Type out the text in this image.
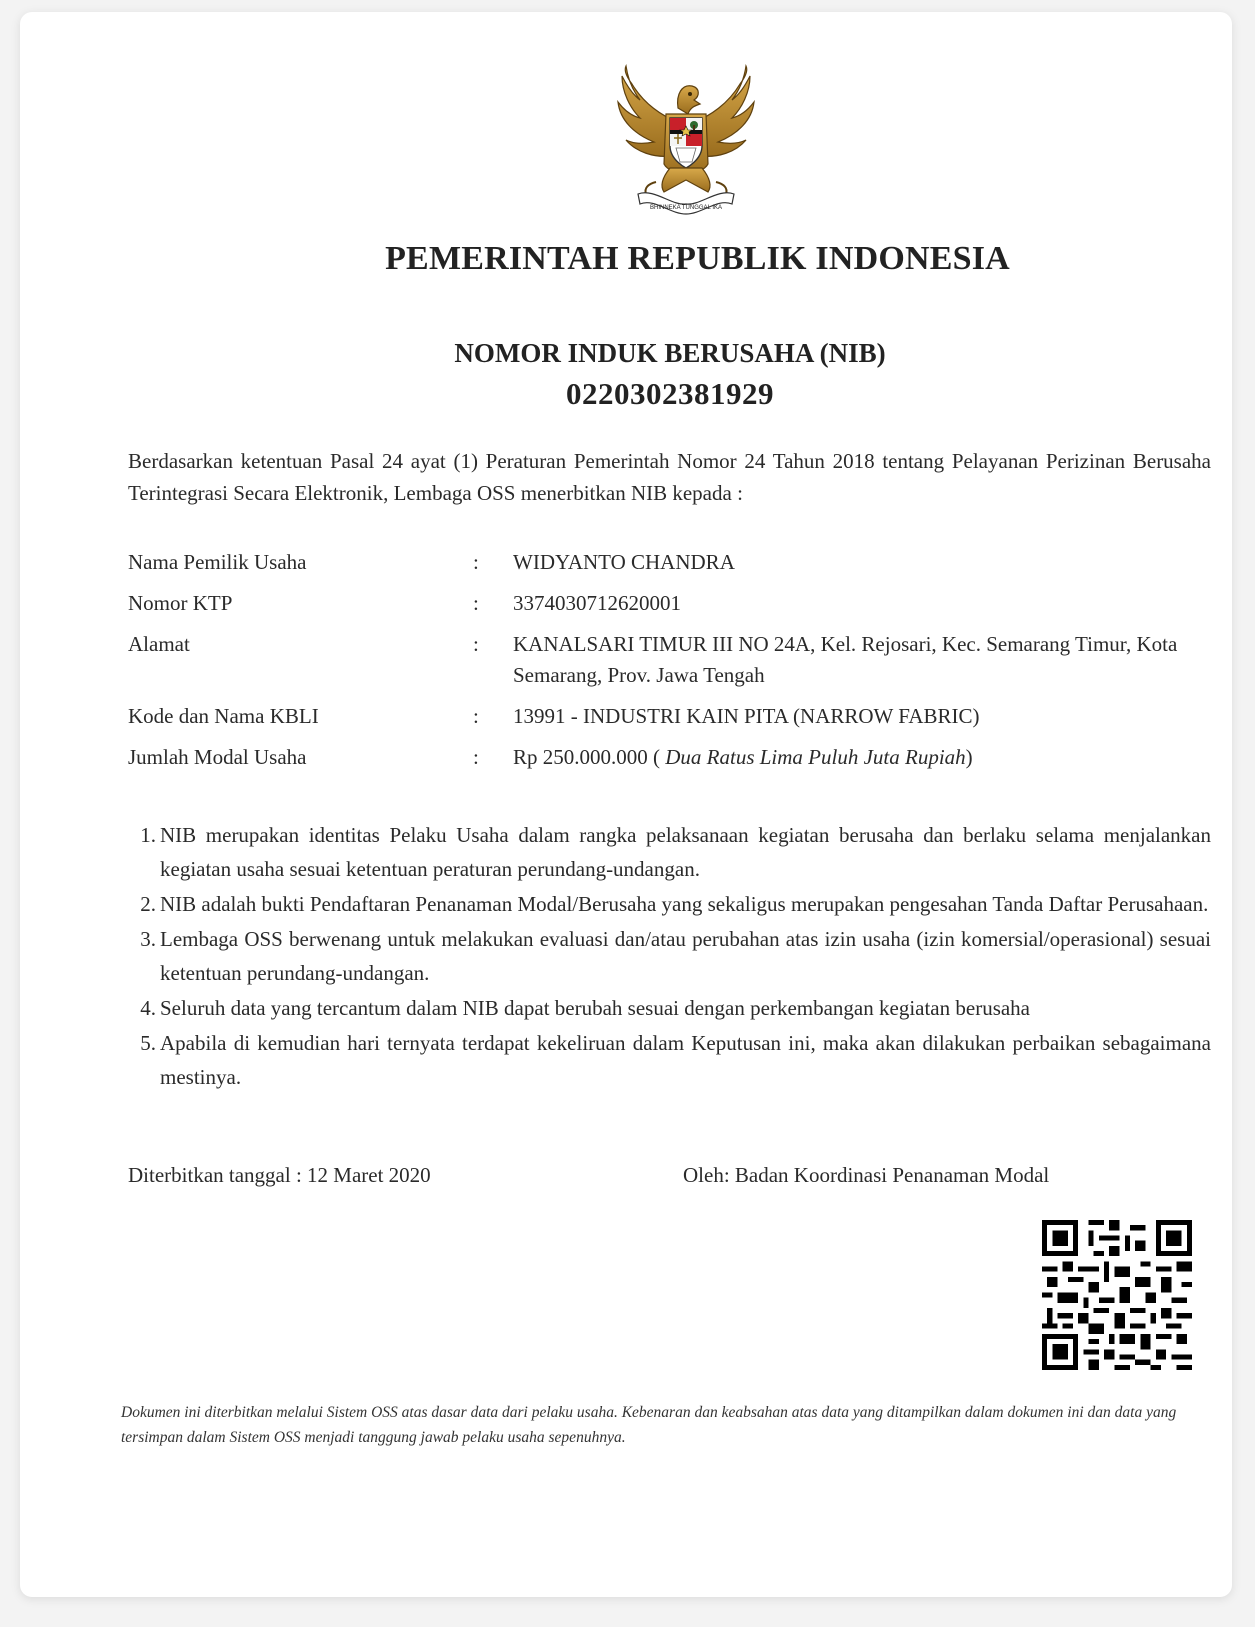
BHINNEKA TUNGGAL IKA
PEMERINTAH REPUBLIK INDONESIA
NOMOR INDUK BERUSAHA (NIB)
0220302381929
Berdasarkan ketentuan Pasal 24 ayat (1) Peraturan Pemerintah Nomor 24 Tahun 2018 tentang Pelayanan Perizinan Berusaha Terintegrasi Secara Elektronik, Lembaga OSS menerbitkan NIB kepada :
Nama Pemilik Usaha	:	WIDYANTO CHANDRA
Nomor KTP	:	3374030712620001
Alamat	:	KANALSARI TIMUR III NO 24A, Kel. Rejosari, Kec. Semarang Timur, Kota Semarang, Prov. Jawa Tengah
Kode dan Nama KBLI	:	13991 - INDUSTRI KAIN PITA (NARROW FABRIC)
Jumlah Modal Usaha	:	Rp 250.000.000 ( Dua Ratus Lima Puluh Juta Rupiah)
1. NIB merupakan identitas Pelaku Usaha dalam rangka pelaksanaan kegiatan berusaha dan berlaku selama menjalankan kegiatan usaha sesuai ketentuan peraturan perundang-undangan.
2. NIB adalah bukti Pendaftaran Penanaman Modal/Berusaha yang sekaligus merupakan pengesahan Tanda Daftar Perusahaan.
3. Lembaga OSS berwenang untuk melakukan evaluasi dan/atau perubahan atas izin usaha (izin komersial/operasional) sesuai ketentuan perundang-undangan.
4. Seluruh data yang tercantum dalam NIB dapat berubah sesuai dengan perkembangan kegiatan berusaha
5. Apabila di kemudian hari ternyata terdapat kekeliruan dalam Keputusan ini, maka akan dilakukan perbaikan sebagaimana mestinya.
Diterbitkan tanggal : 12 Maret 2020	Oleh: Badan Koordinasi Penanaman Modal
Dokumen ini diterbitkan melalui Sistem OSS atas dasar data dari pelaku usaha. Kebenaran dan keabsahan atas data yang ditampilkan dalam dokumen ini dan data yang tersimpan dalam Sistem OSS menjadi tanggung jawab pelaku usaha sepenuhnya.
